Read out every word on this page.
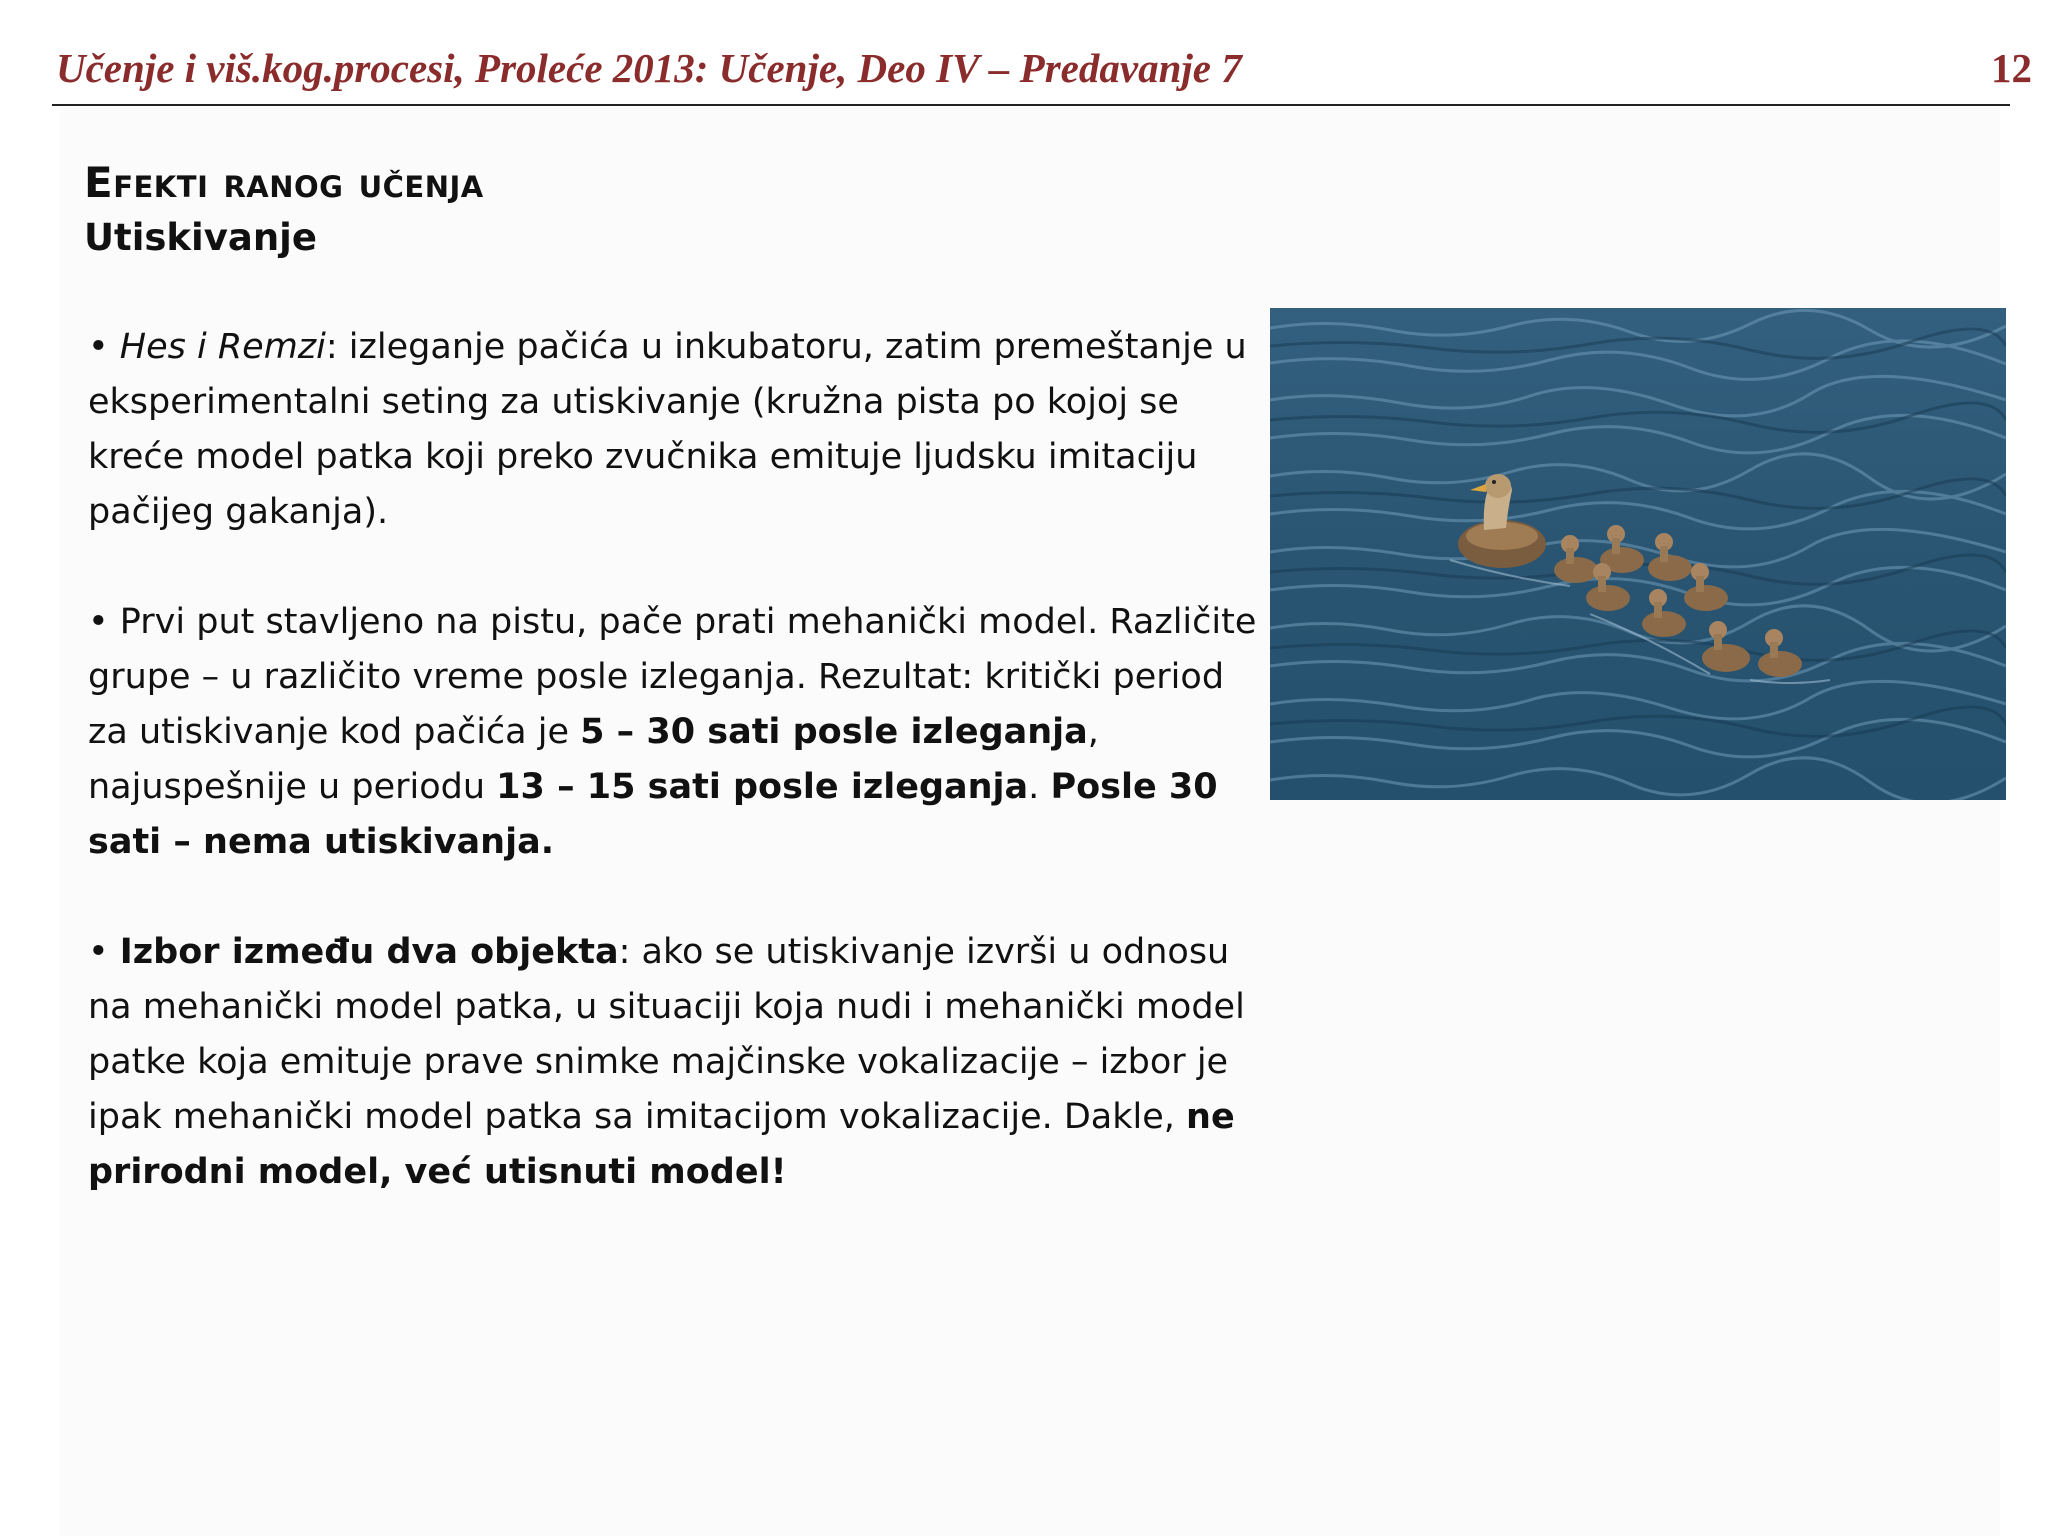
Učenje i viš.kog.procesi, Proleće 2013: Učenje, Deo IV – Predavanje 7	12
Efekti ranog učenja
Utiskivanje

• Hes i Remzi: izleganje pačića u inkubatoru, zatim premeštanje u eksperimentalni seting za utiskivanje (kružna pista po kojoj se kreće model patka koji preko zvučnika emituje ljudsku imitaciju pačijeg gakanja).

• Prvi put stavljeno na pistu, pače prati mehanički model. Različite grupe – u različito vreme posle izleganja. Rezultat: kritički period za utiskivanje kod pačića je 5 – 30 sati posle izleganja, najuspešnije u periodu 13 – 15 sati posle izleganja. Posle 30 sati – nema utiskivanja.

• Izbor između dva objekta: ako se utiskivanje izvrši u odnosu na mehanički model patka, u situaciji koja nudi i mehanički model patke koja emituje prave snimke majčinske vokalizacije – izbor je ipak mehanički model patka sa imitacijom vokalizacije. Dakle, ne prirodni model, već utisnuti model!
